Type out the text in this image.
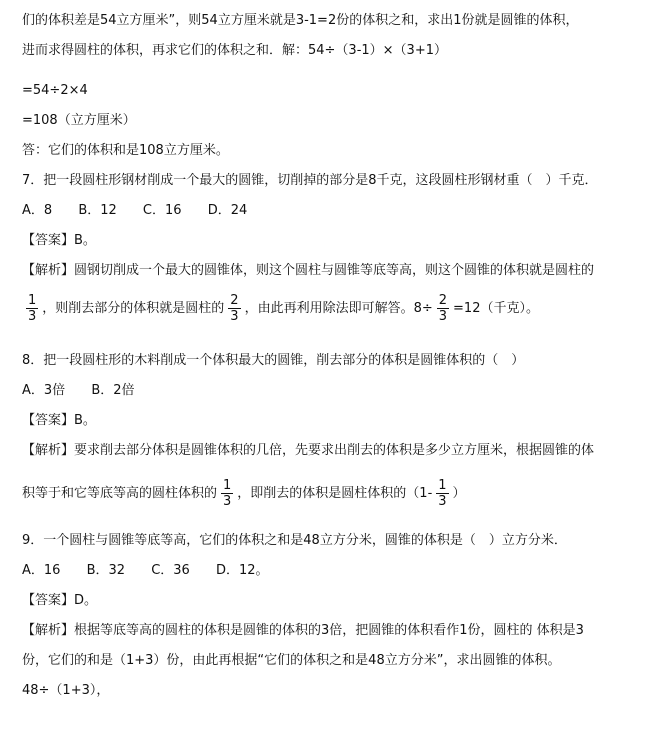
们的体积差是54立方厘米”，则54立方厘米就是3-1=2份的体积之和，求出1份就是圆锥的体积，
进而求得圆柱的体积，再求它们的体积之和．解：54÷（3-1）×（3+1）
=54÷2×4
=108（立方厘米）
答：它们的体积和是108立方厘米。
7．把一段圆柱形钢材削成一个最大的圆锥，切削掉的部分是8千克，这段圆柱形钢材重（　）千克．
A．8 B．12 C．16 D．24
【答案】B。
【解析】圆钢切削成一个最大的圆锥体，则这个圆柱与圆锥等底等高，则这个圆锥的体积就是圆柱的
$\frac{1}{3}$ ，则削去部分的体积就是圆柱的 $\frac{2}{3}$ ，由此再利用除法即可解答。$8\div \frac{2}{3} =12$（千克）。
8．把一段圆柱形的木料削成一个体积最大的圆锥，削去部分的体积是圆锥体积的（　）
A．3倍 B．2倍
【答案】B。
【解析】要求削去部分体积是圆锥体积的几倍，先要求出削去的体积是多少立方厘米，根据圆锥的体
积等于和它等底等高的圆柱体积的 $\frac{1}{3}$ ，即削去的体积是圆柱体积的（$1- \frac{1}{3}$ ）
9．一个圆柱与圆锥等底等高，它们的体积之和是48立方分米，圆锥的体积是（　）立方分米．
A．16 B．32 C．36 D．12。
【答案】D。
【解析】根据等底等高的圆柱的体积是圆锥的体积的3倍，把圆锥的体积看作1份，圆柱的 体积是3
份，它们的和是（1+3）份，由此再根据“它们的体积之和是48立方分米”，求出圆锥的体积。
48÷（1+3），
